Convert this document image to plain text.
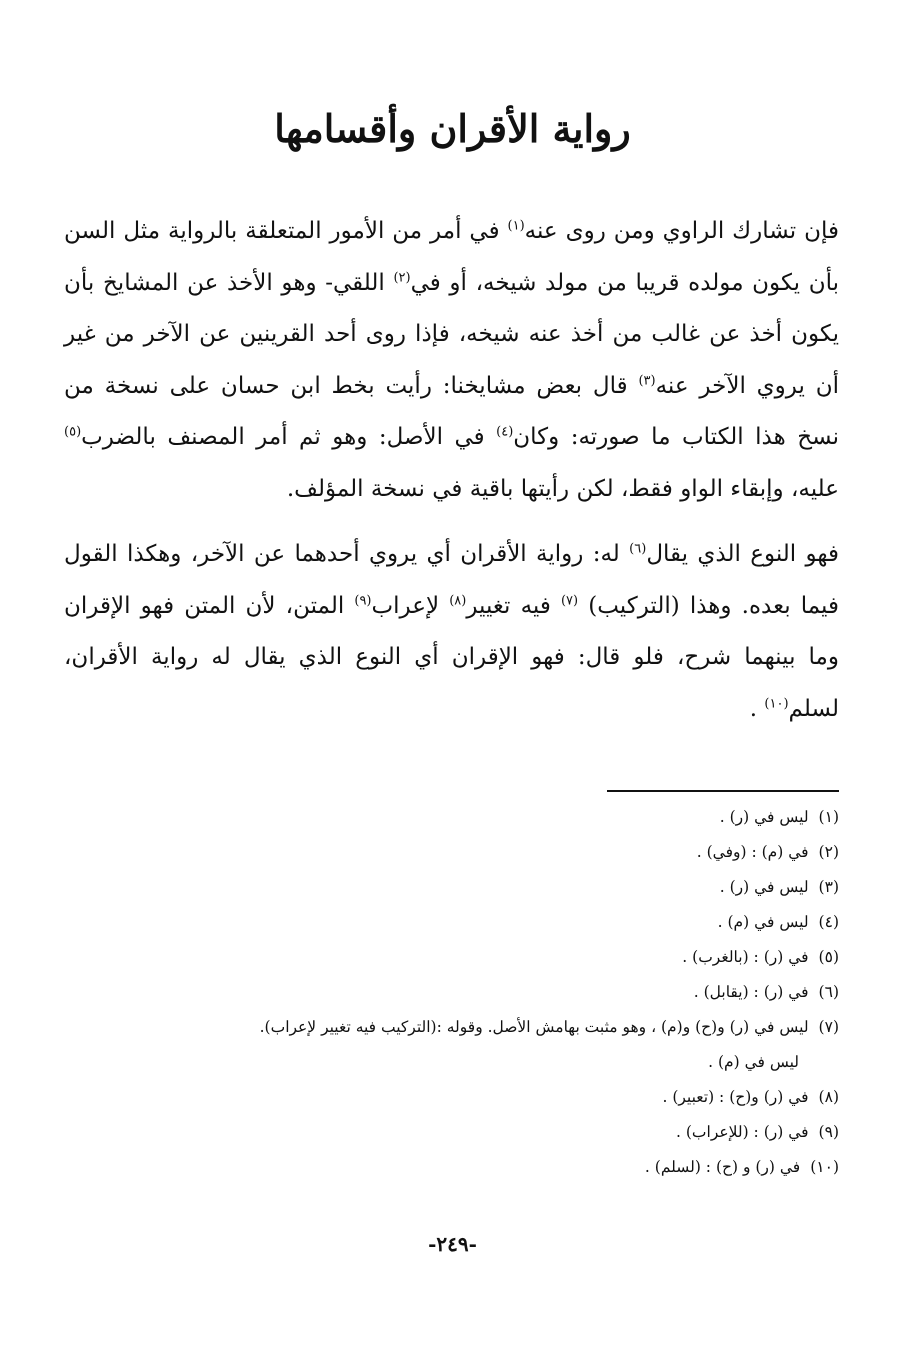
رواية الأقران وأقسامها

فإن تشارك الراوي ومن روى عنه$^{(١)}$ في أمر من الأمور المتعلقة بالرواية مثل السن بأن يكون مولده قريبا من مولد شيخه، أو في$^{(٢)}$ اللقي- وهو الأخذ عن المشايخ بأن يكون أخذ عن غالب من أخذ عنه شيخه، فإذا روى أحد القرينين عن الآخر من غير أن يروي الآخر عنه$^{(٣)}$ قال بعض مشايخنا: رأيت بخط ابن حسان على نسخة من نسخ هذا الكتاب ما صورته: وكان$^{(٤)}$ في الأصل: وهو ثم أمر المصنف بالضرب$^{(٥)}$ عليه، وإبقاء الواو فقط، لكن رأيتها باقية في نسخة المؤلف.

فهو النوع الذي يقال$^{(٦)}$ له: رواية الأقران أي يروي أحدهما عن الآخر، وهكذا القول فيما بعده. وهذا (التركيب) $^{(٧)}$ فيه تغيير$^{(٨)}$ لإعراب$^{(٩)}$ المتن، لأن المتن فهو الإقران وما بينهما شرح، فلو قال: فهو الإقران أي النوع الذي يقال له رواية الأقران، لسلم$^{(١٠)}$ .

(١)ليس في (ر) .
(٢)في (م) : (وفي) .
(٣)ليس في (ر) .
(٤)ليس في (م) .
(٥)في (ر) : (بالغرب) .
(٦)في (ر) : (يقابل) .
(٧)ليس في (ر) و(ح) و(م) ، وهو مثبت بهامش الأصل. وقوله :(التركيب فيه تغيير لإعراب).
ليس في (م) .
(٨)في (ر) و(ح) : (تعبير) .
(٩)في (ر) : (للإعراب) .
(١٠)في (ر) و (ح) : (لسلم) .
-٢٤٩-
